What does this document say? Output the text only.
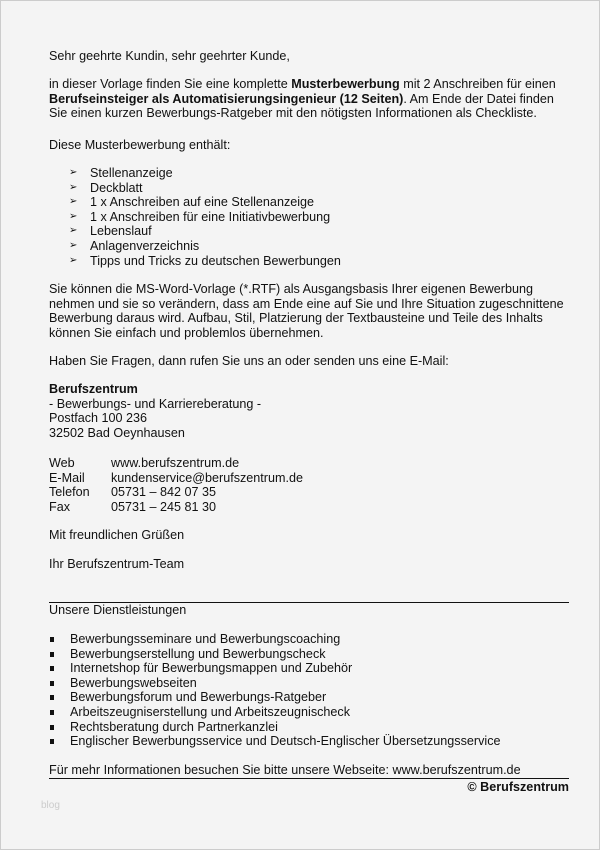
Sehr geehrte Kundin, sehr geehrter Kunde,
in dieser Vorlage finden Sie eine komplette Musterbewerbung mit 2 Anschreiben für einen Berufseinsteiger als Automatisierungsingenieur (12 Seiten). Am Ende der Datei finden Sie einen kurzen Bewerbungs-Ratgeber mit den nötigsten Informationen als Checkliste.
Diese Musterbewerbung enthält:
➢ Stellenanzeige
➢ Deckblatt
➢ 1 x Anschreiben auf eine Stellenanzeige
➢ 1 x Anschreiben für eine Initiativbewerbung
➢ Lebenslauf
➢ Anlagenverzeichnis
➢ Tipps und Tricks zu deutschen Bewerbungen
Sie können die MS-Word-Vorlage (*.RTF) als Ausgangsbasis Ihrer eigenen Bewerbung nehmen und sie so verändern, dass am Ende eine auf Sie und Ihre Situation zugeschnittene Bewerbung daraus wird. Aufbau, Stil, Platzierung der Textbausteine und Teile des Inhalts können Sie einfach und problemlos übernehmen.
Haben Sie Fragen, dann rufen Sie uns an oder senden uns eine E-Mail:
Berufszentrum
- Bewerbungs- und Karriereberatung -
Postfach 100 236
32502 Bad Oeynhausen
Web	www.berufszentrum.de
E-Mail	kundenservice@berufszentrum.de
Telefon	05731 – 842 07 35
Fax	05731 – 245 81 30
Mit freundlichen Grüßen
Ihr Berufszentrum-Team
Unsere Dienstleistungen
Bewerbungsseminare und Bewerbungscoaching
Bewerbungserstellung und Bewerbungscheck
Internetshop für Bewerbungsmappen und Zubehör
Bewerbungswebseiten
Bewerbungsforum und Bewerbungs-Ratgeber
Arbeitszeugniserstellung und Arbeitszeugnischeck
Rechtsberatung durch Partnerkanzlei
Englischer Bewerbungsservice und Deutsch-Englischer Übersetzungsservice
Für mehr Informationen besuchen Sie bitte unsere Webseite: www.berufszentrum.de
© Berufszentrum
blog
